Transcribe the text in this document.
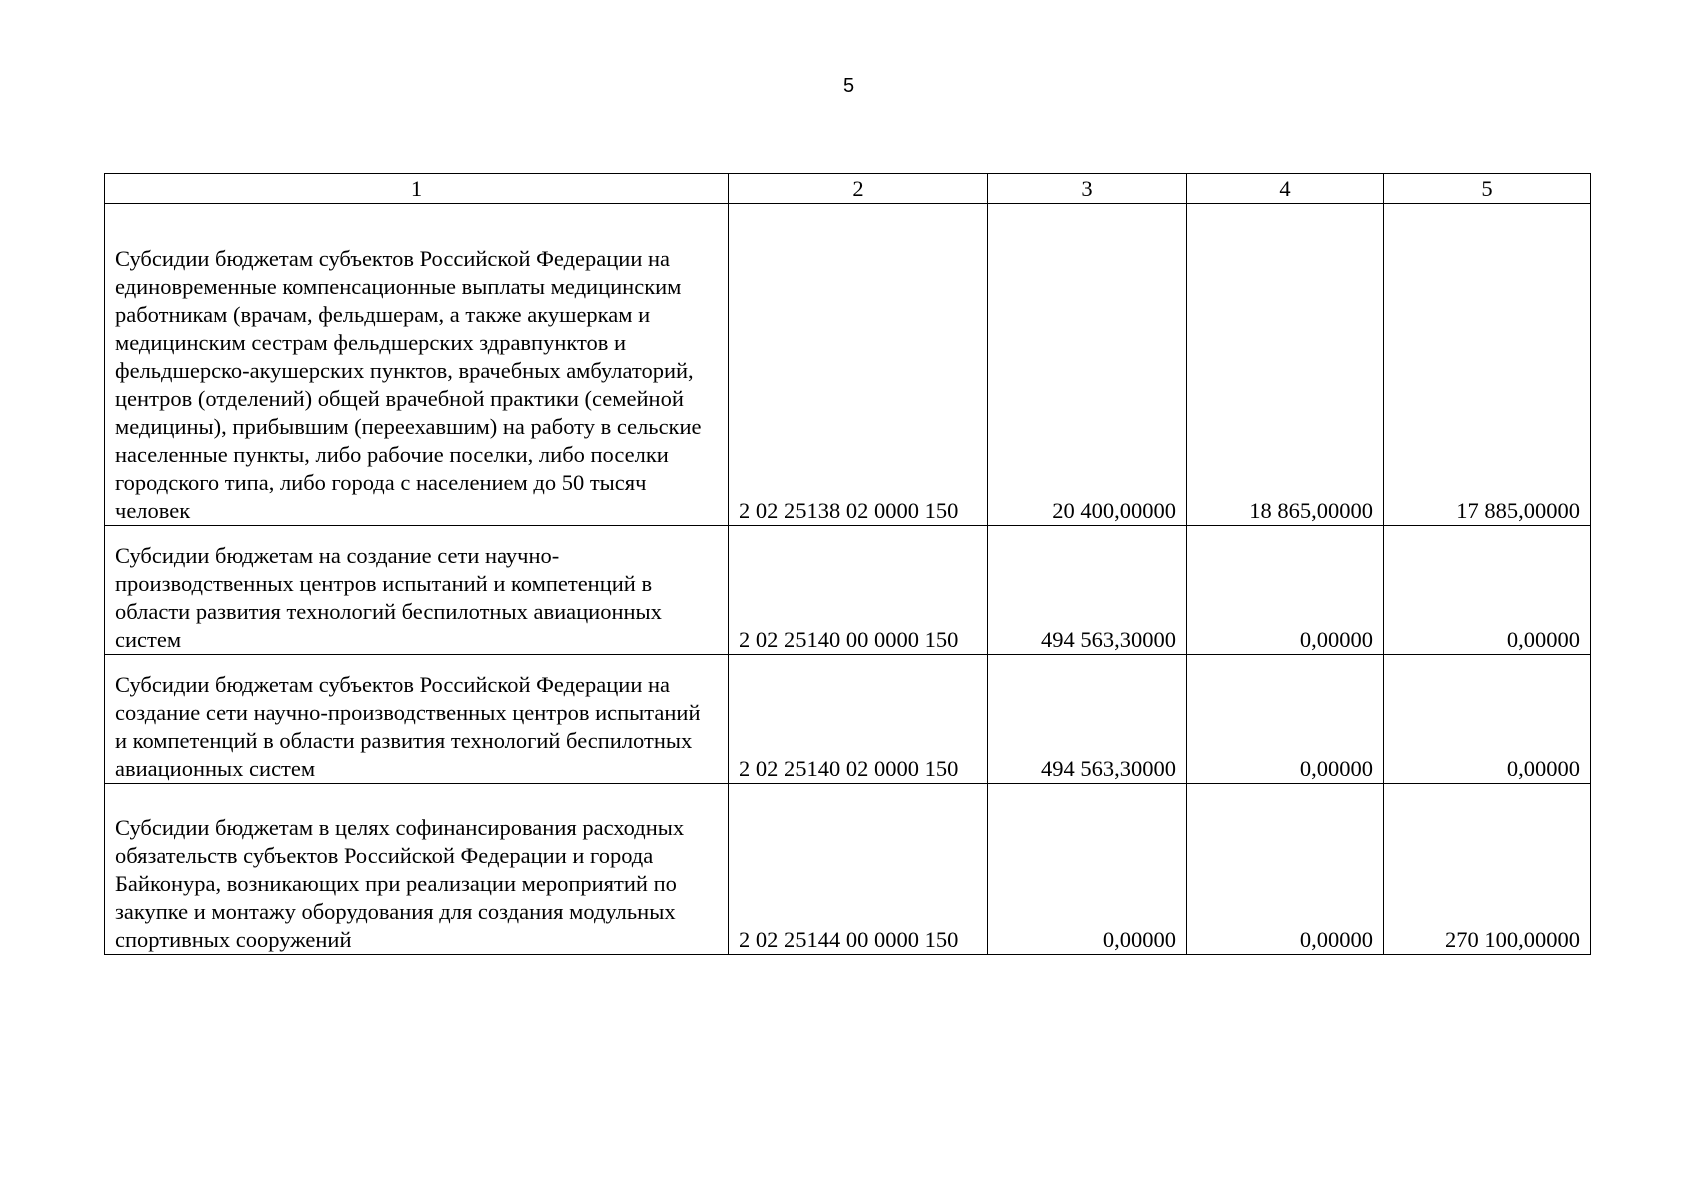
5
1	2	3	4	5
Субсидии бюджетам субъектов Российской Федерации на единовременные компенсационные выплаты медицинским работникам (врачам, фельдшерам, а также акушеркам и медицинским сестрам фельдшерских здравпунктов и фельдшерско-акушерских пунктов, врачебных амбулаторий, центров (отделений) общей врачебной практики (семейной медицины), прибывшим (переехавшим) на работу в сельские населенные пункты, либо рабочие поселки, либо поселки городского типа, либо города с населением до 50 тысяч человек	2 02 25138 02 0000 150	20 400,00000	18 865,00000	17 885,00000
Субсидии бюджетам на создание сети научно-производственных центров испытаний и компетенций в области развития технологий беспилотных авиационных систем	2 02 25140 00 0000 150	494 563,30000	0,00000	0,00000
Субсидии бюджетам субъектов Российской Федерации на создание сети научно-производственных центров испытаний и компетенций в области развития технологий беспилотных авиационных систем	2 02 25140 02 0000 150	494 563,30000	0,00000	0,00000
Субсидии бюджетам в целях софинансирования расходных обязательств субъектов Российской Федерации и города Байконура, возникающих при реализации мероприятий по закупке и монтажу оборудования для создания модульных спортивных сооружений	2 02 25144 00 0000 150	0,00000	0,00000	270 100,00000
